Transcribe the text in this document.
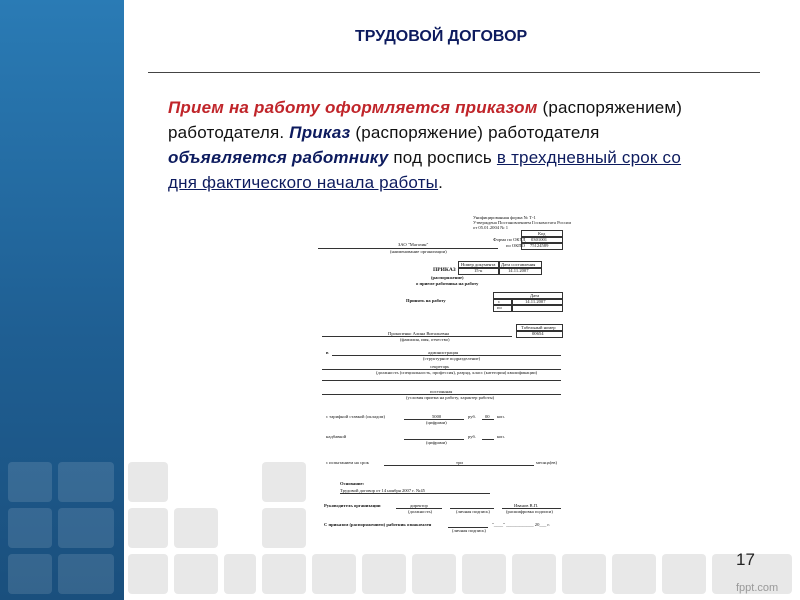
ТРУДОВОЙ ДОГОВОР
Прием на работу оформляется приказом (распоряжением) работодателя. Приказ (распоряжение) работодателя объявляется работнику под роспись в трехдневный срок со дня фактического начала работы.
Унифицированная форма № Т-1
Утверждена Постановлением Госкомстата России
от 05.01.2004 № 1
Код
Форма по ОКУД 0301001
по ОКПО 75124589
ЗАО "Магазин"
(наименование организации)
Номер документа Дата составления
15-к	14.11.2007
ПРИКАЗ
(распоряжение)
о приеме работника на работу
Принять на работу
Дата
с	14.11.2007
по
Табельный номер
00654
Прокопенко Алина Витальевна
(фамилия, имя, отчество)
в	администрация
(структурное подразделение)
секретарь
(должность (специальность, профессия), разряд, класс (категория) квалификации)
постоянная
(условия приема на работу, характер работы)
с тарифной ставкой (окладом)	5000	руб. 00 коп.
(цифрами)
надбавкой	руб.	коп.
(цифрами)
с испытанием на срок	три	месяца(ев)
Основание:
Трудовой договор от 14 ноября 2007 г. №45
Руководитель организации	директор
(должность)	(личная подпись)
Иванов В.П.
(расшифровка подписи)
С приказом (распоряжением) работник ознакомлен
(личная подпись)
"____" ____________ 20___ г.
17
fppt.com
